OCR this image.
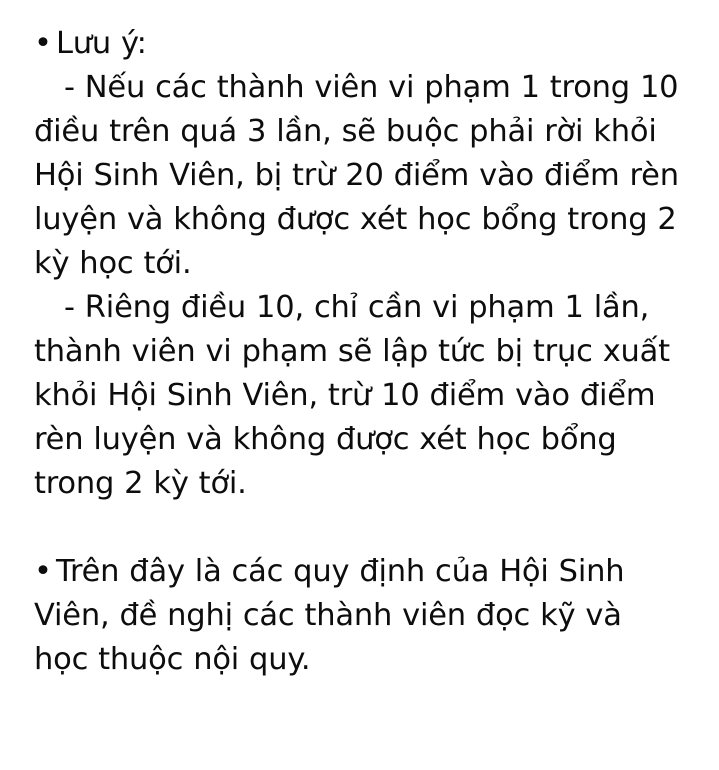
• Lưu ý:

- Nếu các thành viên vi phạm 1 trong 10 điều trên quá 3 lần, sẽ buộc phải rời khỏi Hội Sinh Viên, bị trừ 20 điểm vào điểm rèn luyện và không được xét học bổng trong 2 kỳ học tới.

- Riêng điều 10, chỉ cần vi phạm 1 lần, thành viên vi phạm sẽ lập tức bị trục xuất khỏi Hội Sinh Viên, trừ 10 điểm vào điểm rèn luyện và không được xét học bổng trong 2 kỳ tới.

• Trên đây là các quy định của Hội Sinh Viên, đề nghị các thành viên đọc kỹ và học thuộc nội quy.
